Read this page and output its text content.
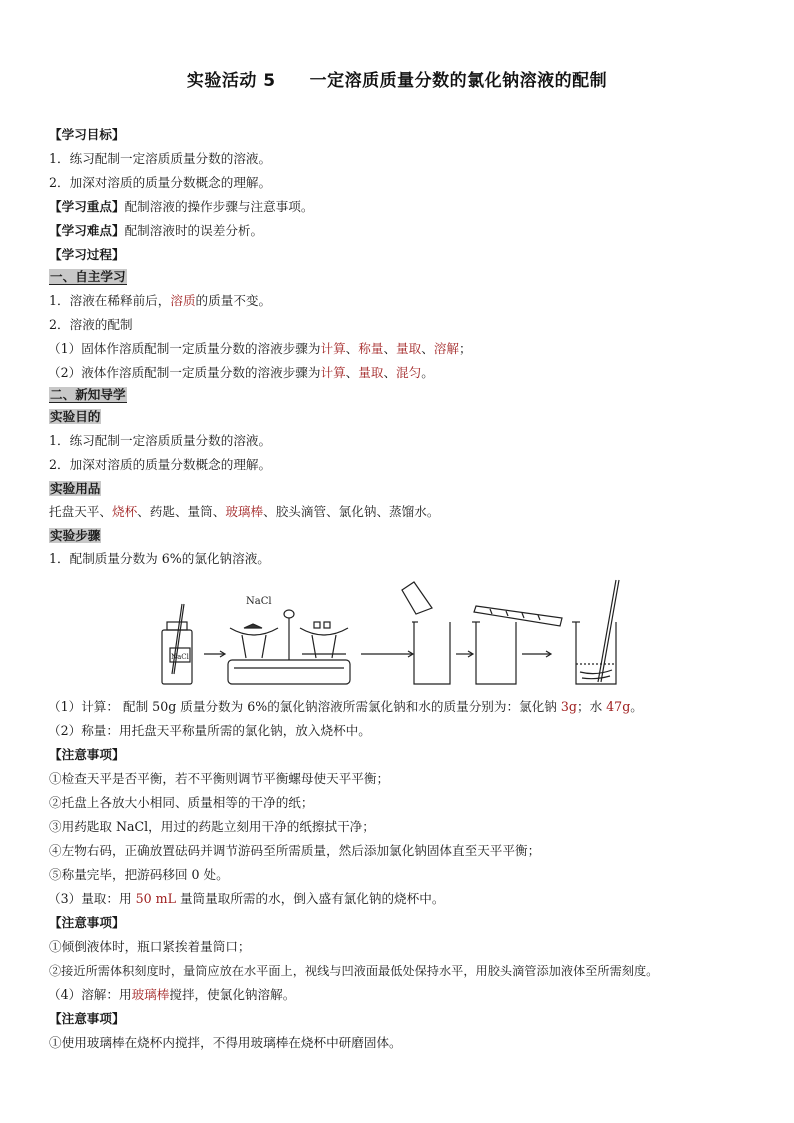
实验活动 5 一定溶质质量分数的氯化钠溶液的配制
【学习目标】
1．练习配制一定溶质质量分数的溶液。
2．加深对溶质的质量分数概念的理解。
【学习重点】配制溶液的操作步骤与注意事项。
【学习难点】配制溶液时的误差分析。
【学习过程】
一、自主学习
1．溶液在稀释前后，溶质的质量不变。
2．溶液的配制
（1）固体作溶质配制一定质量分数的溶液步骤为计算、称量、量取、溶解；
（2）液体作溶质配制一定质量分数的溶液步骤为计算、量取、混匀。
二、新知导学
实验目的
1．练习配制一定溶质质量分数的溶液。
2．加深对溶质的质量分数概念的理解。
实验用品
托盘天平、烧杯、药匙、量筒、玻璃棒、胶头滴管、氯化钠、蒸馏水。
实验步骤
1．配制质量分数为 6%的氯化钠溶液。
NaCl
NaCl
（1）计算： 配制 50g 质量分数为 6%的氯化钠溶液所需氯化钠和水的质量分别为：氯化钠 3g；水 47g。
（2）称量：用托盘天平称量所需的氯化钠，放入烧杯中。
【注意事项】
①检查天平是否平衡，若不平衡则调节平衡螺母使天平平衡；
②托盘上各放大小相同、质量相等的干净的纸；
③用药匙取 NaCl，用过的药匙立刻用干净的纸擦拭干净；
④左物右码，正确放置砝码并调节游码至所需质量，然后添加氯化钠固体直至天平平衡；
⑤称量完毕，把游码移回 0 处。
（3）量取：用 50 mL 量筒量取所需的水，倒入盛有氯化钠的烧杯中。
【注意事项】
①倾倒液体时，瓶口紧挨着量筒口；
②接近所需体积刻度时，量筒应放在水平面上，视线与凹液面最低处保持水平，用胶头滴管添加液体至所需刻度。
（4）溶解：用玻璃棒搅拌，使氯化钠溶解。
【注意事项】
①使用玻璃棒在烧杯内搅拌，不得用玻璃棒在烧杯中研磨固体。
